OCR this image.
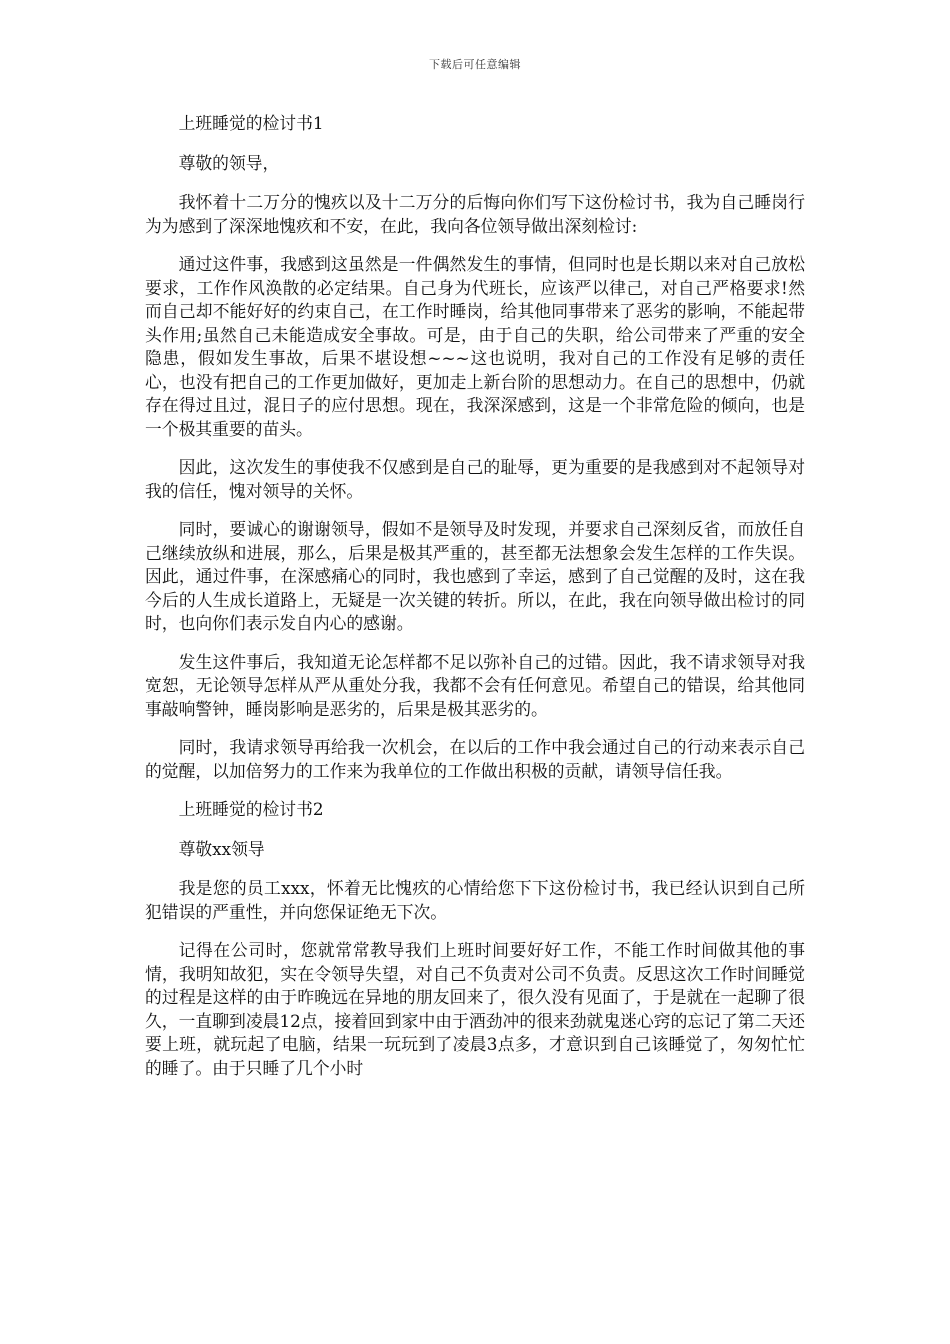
下载后可任意编辑

上班睡觉的检讨书1

尊敬的领导，

我怀着十二万分的愧疚以及十二万分的后悔向你们写下这份检讨书，我为自己睡岗行为为感到了深深地愧疚和不安，在此，我向各位领导做出深刻检讨:

通过这件事，我感到这虽然是一件偶然发生的事情，但同时也是长期以来对自己放松要求，工作作风涣散的必定结果。自己身为代班长，应该严以律己，对自己严格要求!然而自己却不能好好的约束自己，在工作时睡岗，给其他同事带来了恶劣的影响，不能起带头作用;虽然自己未能造成安全事故。可是，由于自己的失职，给公司带来了严重的安全隐患，假如发生事故，后果不堪设想~~~这也说明，我对自己的工作没有足够的责任心，也没有把自己的工作更加做好，更加走上新台阶的思想动力。在自己的思想中，仍就存在得过且过，混日子的应付思想。现在，我深深感到，这是一个非常危险的倾向，也是一个极其重要的苗头。

因此，这次发生的事使我不仅感到是自己的耻辱，更为重要的是我感到对不起领导对我的信任，愧对领导的关怀。

同时，要诚心的谢谢领导，假如不是领导及时发现，并要求自己深刻反省，而放任自己继续放纵和进展，那么，后果是极其严重的，甚至都无法想象会发生怎样的工作失误。因此，通过件事，在深感痛心的同时，我也感到了幸运，感到了自己觉醒的及时，这在我今后的人生成长道路上，无疑是一次关键的转折。所以，在此，我在向领导做出检讨的同时，也向你们表示发自内心的感谢。

发生这件事后，我知道无论怎样都不足以弥补自己的过错。因此，我不请求领导对我宽恕，无论领导怎样从严从重处分我，我都不会有任何意见。希望自己的错误，给其他同事敲响警钟，睡岗影响是恶劣的，后果是极其恶劣的。

同时，我请求领导再给我一次机会，在以后的工作中我会通过自己的行动来表示自己的觉醒，以加倍努力的工作来为我单位的工作做出积极的贡献，请领导信任我。

上班睡觉的检讨书2

尊敬xx领导

我是您的员工xxx，怀着无比愧疚的心情给您下下这份检讨书，我已经认识到自己所犯错误的严重性，并向您保证绝无下次。

记得在公司时，您就常常教导我们上班时间要好好工作，不能工作时间做其他的事情，我明知故犯，实在令领导失望，对自己不负责对公司不负责。反思这次工作时间睡觉的过程是这样的由于昨晚远在异地的朋友回来了，很久没有见面了，于是就在一起聊了很久，一直聊到凌晨12点，接着回到家中由于酒劲冲的很来劲就鬼迷心窍的忘记了第二天还要上班，就玩起了电脑，结果一玩玩到了凌晨3点多，才意识到自己该睡觉了，匆匆忙忙的睡了。由于只睡了几个小时
